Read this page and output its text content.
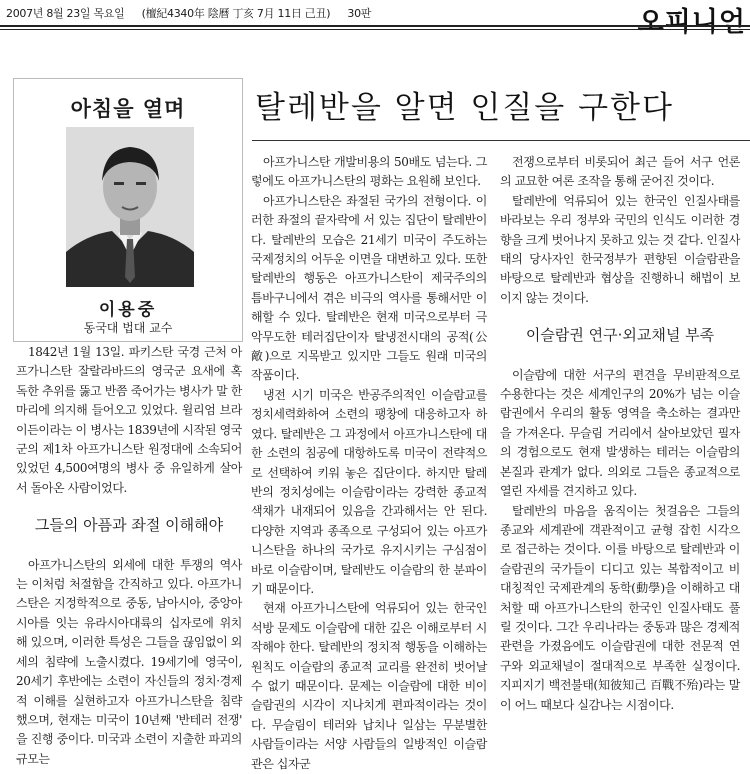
2007년 8월 23일 목요일 (檀紀4340年 陰曆 丁亥 7月 11日 己丑) 30판	오피니언
아침을 열며
이용중
동국대 법대 교수
탈레반을 알면 인질을 구한다

1842년 1월 13일. 파키스탄 국경 근처 아프가니스탄 잘랄라바드의 영국군 요새에 혹독한 추위를 뚫고 반쯤 죽어가는 병사가 말 한 마리에 의지해 들어오고 있었다. 윌리엄 브라이든이라는 이 병사는 1839년에 시작된 영국군의 제1차 아프가니스탄 원정대에 소속되어 있었던 4,500여명의 병사 중 유일하게 살아서 돌아온 사람이었다.

그들의 아픔과 좌절 이해해야

아프가니스탄의 외세에 대한 투쟁의 역사는 이처럼 처절함을 간직하고 있다. 아프가니스탄은 지정학적으로 중동, 남아시아, 중앙아시아를 잇는 유라시아대륙의 십자로에 위치해 있으며, 이러한 특성은 그들을 끊임없이 외세의 침략에 노출시켰다. 19세기에 영국이, 20세기 후반에는 소련이 자신들의 정치·경제적 이해를 실현하고자 아프가니스탄을 침략했으며, 현재는 미국이 10년째 '반테러 전쟁' 을 진행 중이다. 미국과 소련이 지출한 파괴의 규모는

아프가니스탄 개발비용의 50배도 넘는다. 그렇에도 아프가니스탄의 평화는 요원해 보인다.

아프가니스탄은 좌절된 국가의 전형이다. 이러한 좌절의 끝자락에 서 있는 집단이 탈레반이다. 탈레반의 모습은 21세기 미국이 주도하는 국제정치의 어두운 이면을 대변하고 있다. 또한 탈레반의 행동은 아프가니스탄이 제국주의의 틈바구니에서 겪은 비극의 역사를 통해서만 이해할 수 있다. 탈레반은 현재 미국으로부터 극악무도한 테러집단이자 탈냉전시대의 공적(公敵)으로 지목받고 있지만 그들도 원래 미국의 작품이다.

냉전 시기 미국은 반공주의적인 이슬람교를 정치세력화하여 소련의 팽창에 대응하고자 하였다. 탈레반은 그 과정에서 아프가니스탄에 대한 소련의 침공에 대항하도록 미국이 전략적으로 선택하여 키워 놓은 집단이다. 하지만 탈레반의 정치성에는 이슬람이라는 강력한 종교적 색채가 내재되어 있음을 간과해서는 안 된다. 다양한 지역과 종족으로 구성되어 있는 아프가니스탄을 하나의 국가로 유지시키는 구심점이 바로 이슬람이며, 탈레반도 이슬람의 한 분파이기 때문이다.

현재 아프가니스탄에 억류되어 있는 한국인 석방 문제도 이슬람에 대한 깊은 이해로부터 시작해야 한다. 탈레반의 정치적 행동을 이해하는 원칙도 이슬람의 종교적 교리를 완전히 벗어날 수 없기 때문이다. 문제는 이슬람에 대한 비이슬람권의 시각이 지나치게 편파적이라는 것이다. 무슬림이 테러와 납치나 일삼는 무분별한 사람들이라는 서양 사람들의 일방적인 이슬람관은 십자군

전쟁으로부터 비롯되어 최근 들어 서구 언론의 교묘한 여론 조작을 통해 굳어진 것이다.

탈레반에 억류되어 있는 한국인 인질사태를 바라보는 우리 정부와 국민의 인식도 이러한 경향을 크게 벗어나지 못하고 있는 것 같다. 인질사태의 당사자인 한국정부가 편향된 이슬람관을 바탕으로 탈레반과 협상을 진행하니 해법이 보이지 않는 것이다.

이슬람권 연구·외교채널 부족

이슬람에 대한 서구의 편견을 무비판적으로 수용한다는 것은 세계인구의 20%가 넘는 이슬람권에서 우리의 활동 영역을 축소하는 결과만을 가져온다. 무슬림 거리에서 살아보았던 필자의 경험으로도 현재 발생하는 테러는 이슬람의 본질과 관계가 없다. 의외로 그들은 종교적으로 열린 자세를 견지하고 있다.

탈레반의 마음을 움직이는 첫걸음은 그들의 종교와 세계관에 객관적이고 균형 잡힌 시각으로 접근하는 것이다. 이를 바탕으로 탈레반과 이슬람권의 국가들이 디디고 있는 복합적이고 비대칭적인 국제관계의 동학(動學)을 이해하고 대처할 때 아프가니스탄의 한국인 인질사태도 풀릴 것이다. 그간 우리나라는 중동과 많은 경제적 관련을 가졌음에도 이슬람권에 대한 전문적 연구와 외교채널이 절대적으로 부족한 실정이다. 지피지기 백전불태(知彼知己 百戰不殆)라는 말이 어느 때보다 실감나는 시점이다.
